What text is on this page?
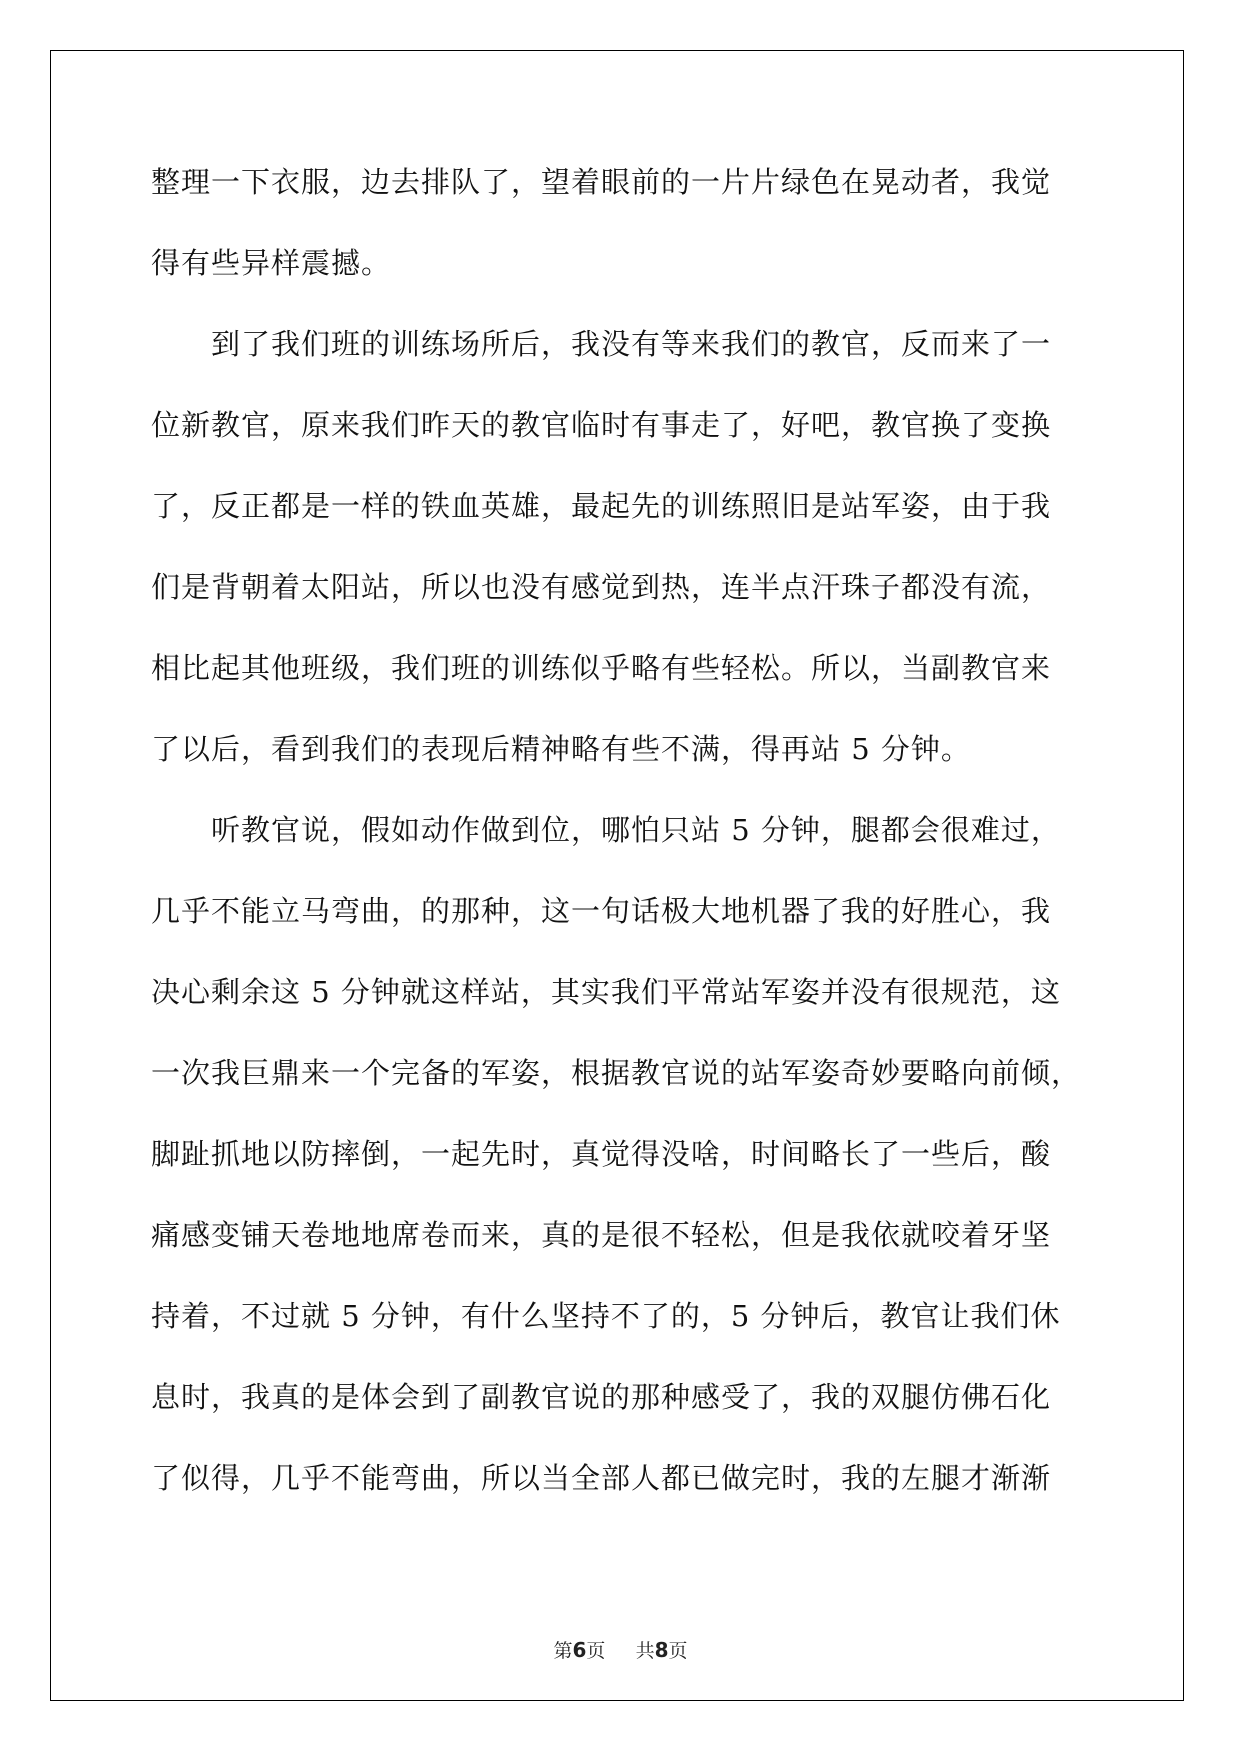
整理一下衣服，边去排队了，望着眼前的一片片绿色在晃动者，我觉
得有些异样震撼。
　　到了我们班的训练场所后，我没有等来我们的教官，反而来了一
位新教官，原来我们昨天的教官临时有事走了，好吧，教官换了变换
了，反正都是一样的铁血英雄，最起先的训练照旧是站军姿，由于我
们是背朝着太阳站，所以也没有感觉到热，连半点汗珠子都没有流，
相比起其他班级，我们班的训练似乎略有些轻松。所以，当副教官来
了以后，看到我们的表现后精神略有些不满，得再站 5 分钟。
　　听教官说，假如动作做到位，哪怕只站 5 分钟，腿都会很难过，
几乎不能立马弯曲，的那种，这一句话极大地机器了我的好胜心，我
决心剩余这 5 分钟就这样站，其实我们平常站军姿并没有很规范，这
一次我巨鼎来一个完备的军姿，根据教官说的站军姿奇妙要略向前倾，
脚趾抓地以防摔倒，一起先时，真觉得没啥，时间略长了一些后，酸
痛感变铺天卷地地席卷而来，真的是很不轻松，但是我依就咬着牙坚
持着，不过就 5 分钟，有什么坚持不了的，5 分钟后，教官让我们休
息时，我真的是体会到了副教官说的那种感受了，我的双腿仿佛石化
了似得，几乎不能弯曲，所以当全部人都已做完时，我的左腿才渐渐
第6页 共8页
